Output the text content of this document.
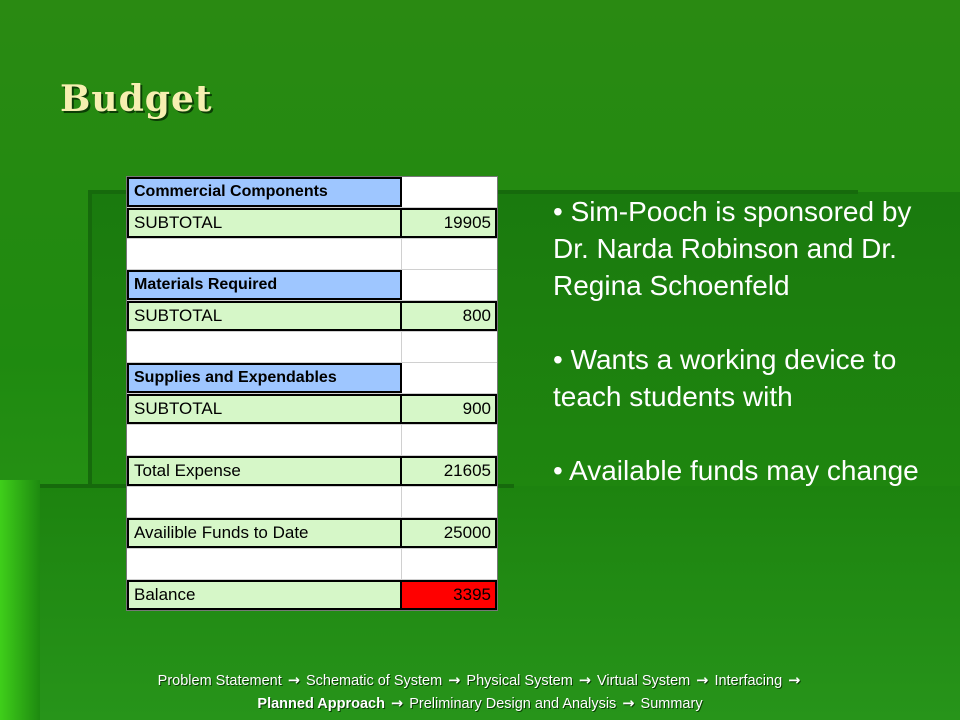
Budget
Commercial Components
SUBTOTAL	19905
Materials Required
SUBTOTAL	800
Supplies and Expendables
SUBTOTAL	900
Total Expense	21605
Availible Funds to Date	25000
Balance	3395
• Sim-Pooch is sponsored by Dr. Narda Robinson and Dr. Regina Schoenfeld
• Wants a working device to teach students with
• Available funds may change
Problem Statement → Schematic of System → Physical System → Virtual System → Interfacing →
Planned Approach → Preliminary Design and Analysis → Summary
